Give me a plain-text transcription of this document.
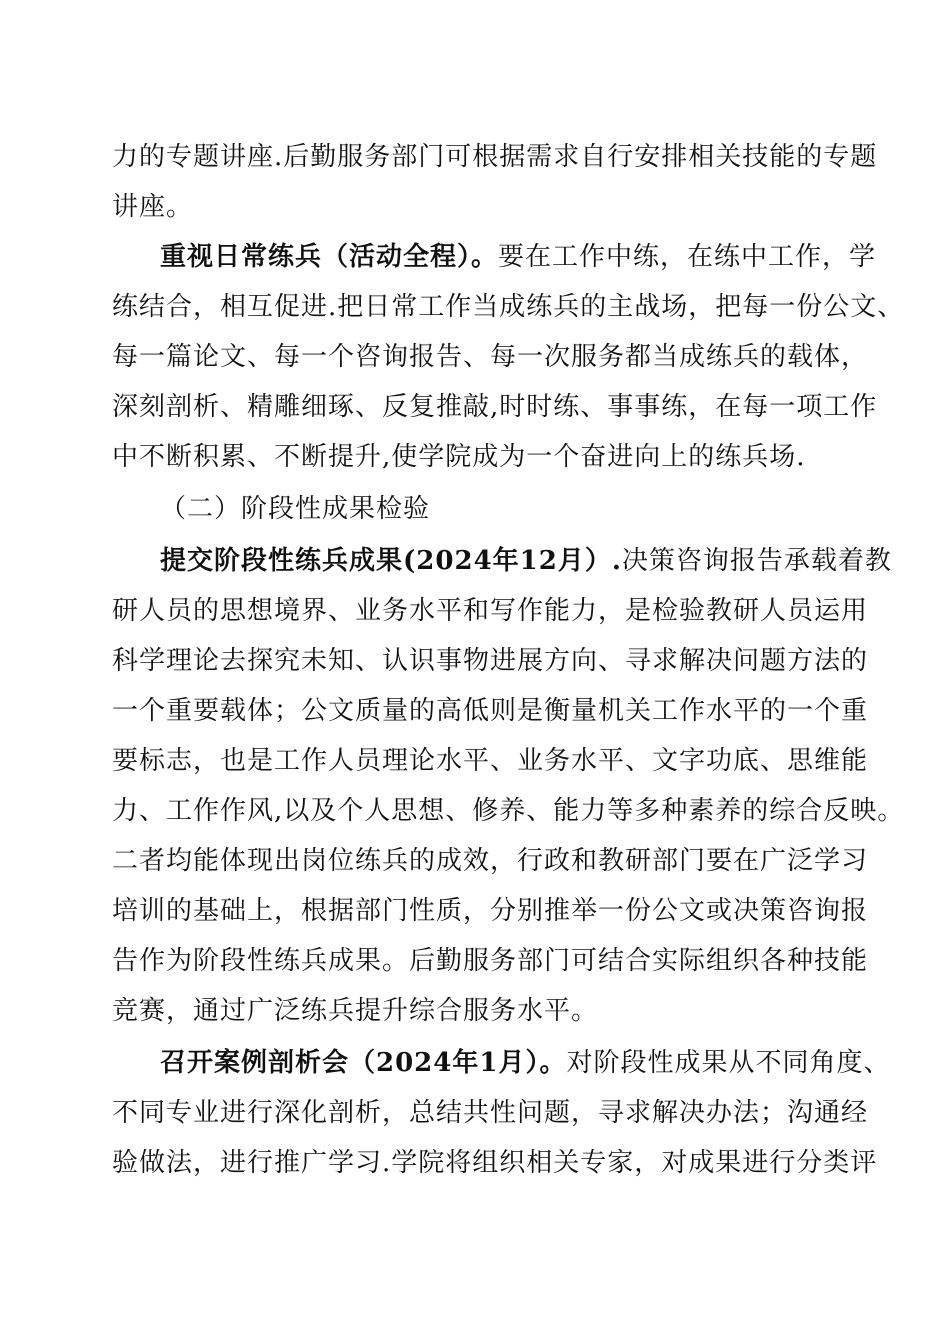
力的专题讲座.后勤服务部门可根据需求自行安排相关技能的专题
讲座。
重视日常练兵（活动全程）。要在工作中练，在练中工作，学
练结合，相互促进.把日常工作当成练兵的主战场，把每一份公文、
每一篇论文、每一个咨询报告、每一次服务都当成练兵的载体，
深刻剖析、精雕细琢、反复推敲,时时练、事事练，在每一项工作
中不断积累、不断提升,使学院成为一个奋进向上的练兵场.
（二）阶段性成果检验
提交阶段性练兵成果(2024年12月）.决策咨询报告承载着教
研人员的思想境界、业务水平和写作能力，是检验教研人员运用
科学理论去探究未知、认识事物进展方向、寻求解决问题方法的
一个重要载体；公文质量的高低则是衡量机关工作水平的一个重
要标志，也是工作人员理论水平、业务水平、文字功底、思维能
力、工作作风,以及个人思想、修养、能力等多种素养的综合反映。
二者均能体现出岗位练兵的成效，行政和教研部门要在广泛学习
培训的基础上，根据部门性质，分别推举一份公文或决策咨询报
告作为阶段性练兵成果。后勤服务部门可结合实际组织各种技能
竞赛，通过广泛练兵提升综合服务水平。
召开案例剖析会（2024年1月）。对阶段性成果从不同角度、
不同专业进行深化剖析，总结共性问题，寻求解决办法；沟通经
验做法，进行推广学习.学院将组织相关专家，对成果进行分类评
